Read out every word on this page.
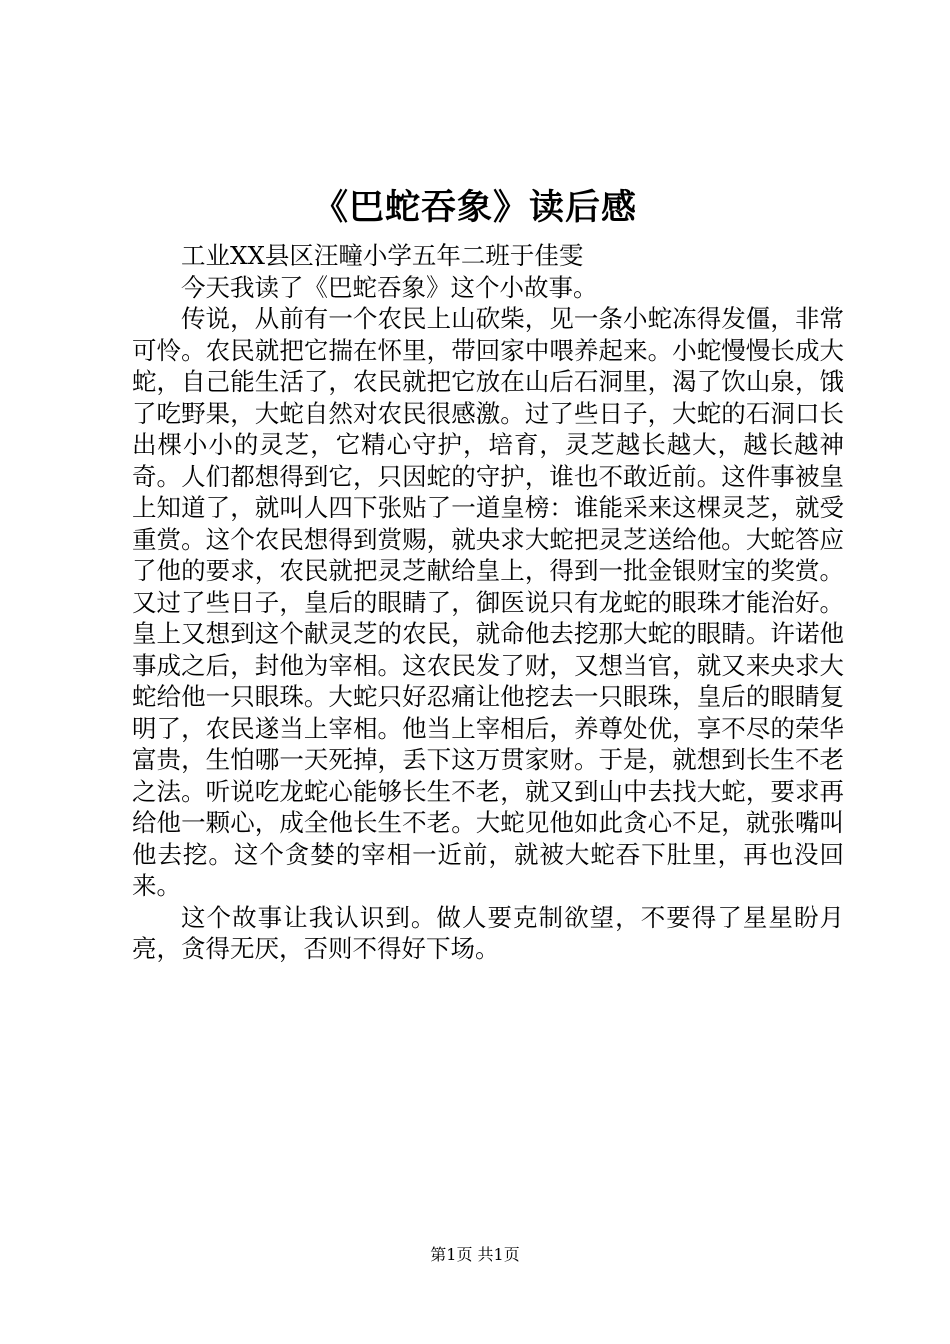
《巴蛇吞象》读后感

工业XX县区汪疃小学五年二班于佳雯

今天我读了《巴蛇吞象》这个小故事。

传说，从前有一个农民上山砍柴，见一条小蛇冻得发僵，非常可怜。农民就把它揣在怀里，带回家中喂养起来。小蛇慢慢长成大蛇，自己能生活了，农民就把它放在山后石洞里，渴了饮山泉，饿了吃野果，大蛇自然对农民很感激。过了些日子，大蛇的石洞口长出棵小小的灵芝，它精心守护，培育，灵芝越长越大，越长越神奇。人们都想得到它，只因蛇的守护，谁也不敢近前。这件事被皇上知道了，就叫人四下张贴了一道皇榜：谁能采来这棵灵芝，就受重赏。这个农民想得到赏赐，就央求大蛇把灵芝送给他。大蛇答应了他的要求，农民就把灵芝献给皇上，得到一批金银财宝的奖赏。又过了些日子，皇后的眼睛了，御医说只有龙蛇的眼珠才能治好。皇上又想到这个献灵芝的农民，就命他去挖那大蛇的眼睛。许诺他事成之后，封他为宰相。这农民发了财，又想当官，就又来央求大蛇给他一只眼珠。大蛇只好忍痛让他挖去一只眼珠，皇后的眼睛复明了，农民遂当上宰相。他当上宰相后，养尊处优，享不尽的荣华富贵，生怕哪一天死掉，丢下这万贯家财。于是，就想到长生不老之法。听说吃龙蛇心能够长生不老，就又到山中去找大蛇，要求再给他一颗心，成全他长生不老。大蛇见他如此贪心不足，就张嘴叫他去挖。这个贪婪的宰相一近前，就被大蛇吞下肚里，再也没回来。

这个故事让我认识到。做人要克制欲望，不要得了星星盼月亮，贪得无厌，否则不得好下场。

第1页 共1页
